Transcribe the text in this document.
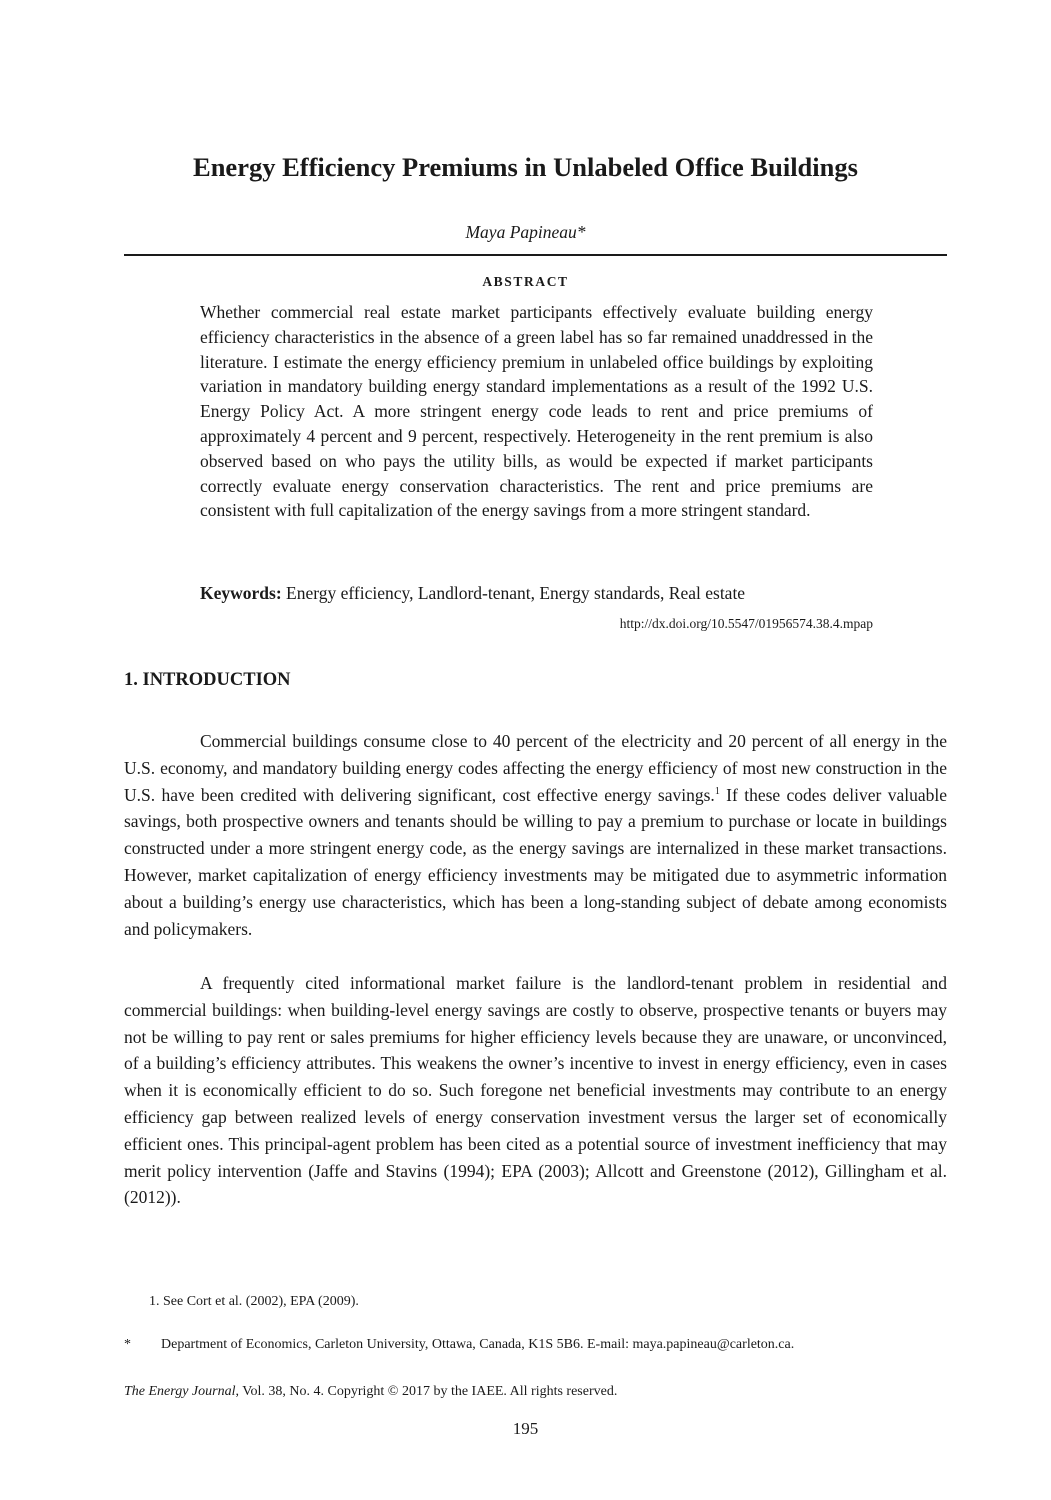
Energy Efficiency Premiums in Unlabeled Office Buildings
Maya Papineau*
ABSTRACT

Whether commercial real estate market participants effectively evaluate building energy efficiency characteristics in the absence of a green label has so far remained unaddressed in the literature. I estimate the energy efficiency premium in unlabeled office buildings by exploiting variation in mandatory building energy standard implementations as a result of the 1992 U.S. Energy Policy Act. A more stringent energy code leads to rent and price premiums of approximately 4 percent and 9 percent, respectively. Heterogeneity in the rent premium is also observed based on who pays the utility bills, as would be expected if market participants correctly evaluate energy conservation characteristics. The rent and price premiums are consistent with full capitalization of the energy savings from a more stringent standard.

Keywords: Energy efficiency, Landlord-tenant, Energy standards, Real estate
http://dx.doi.org/10.5547/01956574.38.4.mpap
1. INTRODUCTION

Commercial buildings consume close to 40 percent of the electricity and 20 percent of all energy in the U.S. economy, and mandatory building energy codes affecting the energy efficiency of most new construction in the U.S. have been credited with delivering significant, cost effective energy savings.$^1$ If these codes deliver valuable savings, both prospective owners and tenants should be willing to pay a premium to purchase or locate in buildings constructed under a more stringent energy code, as the energy savings are internalized in these market transactions. However, market capitalization of energy efficiency investments may be mitigated due to asymmetric information about a building’s energy use characteristics, which has been a long-standing subject of debate among economists and policymakers.

A frequently cited informational market failure is the landlord-tenant problem in residential and commercial buildings: when building-level energy savings are costly to observe, prospective tenants or buyers may not be willing to pay rent or sales premiums for higher efficiency levels because they are unaware, or unconvinced, of a building’s efficiency attributes. This weakens the owner’s incentive to invest in energy efficiency, even in cases when it is economically efficient to do so. Such foregone net beneficial investments may contribute to an energy efficiency gap between realized levels of energy conservation investment versus the larger set of economically efficient ones. This principal-agent problem has been cited as a potential source of investment inefficiency that may merit policy intervention (Jaffe and Stavins (1994); EPA (2003); Allcott and Greenstone (2012), Gillingham et al. (2012)).

1. See Cort et al. (2002), EPA (2009).
* Department of Economics, Carleton University, Ottawa, Canada, K1S 5B6. E-mail: maya.papineau@carleton.ca.
The Energy Journal, Vol. 38, No. 4. Copyright © 2017 by the IAEE. All rights reserved.
195
